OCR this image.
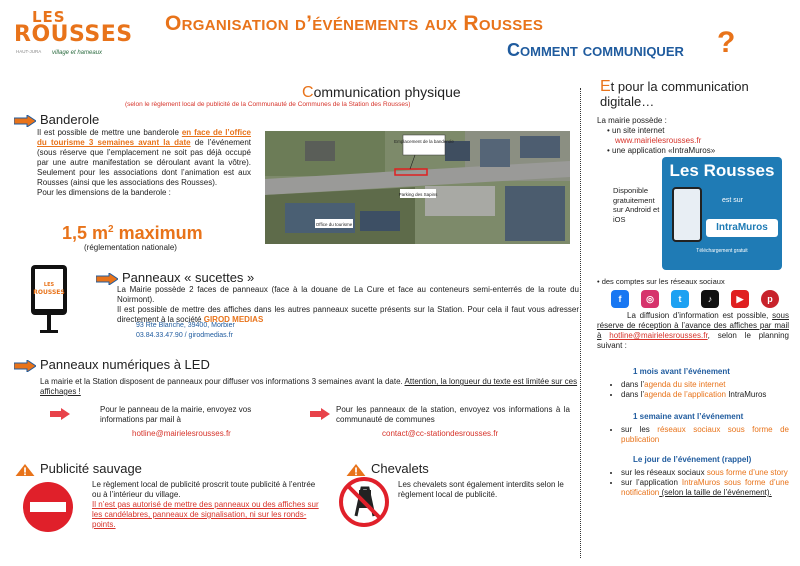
LES
ROUSSES
HAUT-JURA village et hameaux
Organisation d’événements aux Rousses
Comment communiquer ?
Communication physique
(selon le règlement local de publicité de la Communauté de Communes de la Station des Rousses)
Banderole
Il est possible de mettre une banderole en face de l’office du tourisme 3 semaines avant la date de l’événement (sous réserve que l’emplacement ne soit pas déjà occupé par une autre manifestation se déroulant avant la vôtre). Seulement pour les associations dont l’animation est aux Rousses (ainsi que les associations des Rousses).
Pour les dimensions de la banderole :
1,5 $m^2$ maximum
(réglementation nationale)
Emplacement de la banderole
Parking des Sapins
Office du tourisme
LES
ROUSSES
Panneaux « sucettes »
La Mairie possède 2 faces de panneaux (face à la douane de La Cure et face au conteneurs semi-enterrés de la route du Noirmont).
Il est possible de mettre des affiches dans les autres panneaux sucette présents sur la Station. Pour cela il faut vous adresser directement à la société GIROD MEDIAS
93 Rte Blanche, 39400, Morbier
03.84.33.47.90 / girodmedias.fr
Panneaux numériques à LED
La mairie et la Station disposent de panneaux pour diffuser vos informations 3 semaines avant la date. Attention, la longueur du texte est limitée sur ces affichages !
Pour le panneau de la mairie, envoyez vos informations par mail à
hotline@mairielesrousses.fr
Pour les panneaux de la station, envoyez vos informations à la communauté de communes
contact@cc-stationdesrousses.fr
Publicité sauvage
Le règlement local de publicité proscrit toute publicité à l’entrée ou à l’intérieur du village.
Il n’est pas autorisé de mettre des panneaux ou des affiches sur les candélabres, panneaux de signalisation, ni sur les ronds-points.
Chevalets
Les chevalets sont également interdits selon le règlement local de publicité.
Et pour la communication digitale…
La mairie possède :
• un site internet
www.mairielesrousses.fr
• une application «IntraMuros»
Disponible gratuitement sur Android et iOS
Les Rousses
est sur
IntraMuros
Téléchargement gratuit
• des comptes sur les réseaux sociaux
f	◎	t	♪	▶	p
La diffusion d’information est possible, sous réserve de réception à l’avance des affiches par mail à hotline@mairielesrousses.fr, selon le planning suivant :
1 mois avant l’événement
• dans l’agenda du site internet
• dans l’agenda de l’application IntraMuros
1 semaine avant l’événement
• sur les réseaux sociaux sous forme de publication
Le jour de l’événement (rappel)
• sur les réseaux sociaux sous forme d’une story
• sur l’application IntraMuros sous forme d’une notification (selon la taille de l’événement).
